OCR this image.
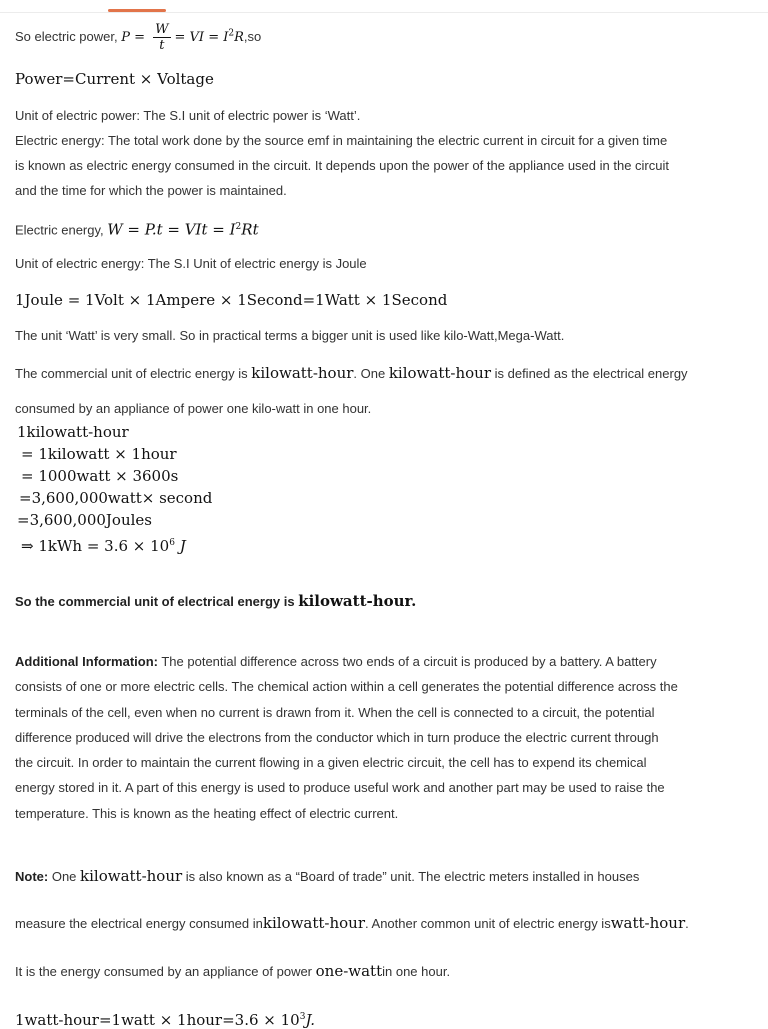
So electric power, $P = \frac{W}{t}$ = VI = $I^2R,so$
Power=Current × Voltage
Unit of electric power: The S.I unit of electric power is ‘Watt’.
Electric energy: The total work done by the source emf in maintaining the electric current in circuit for a given time
is known as electric energy consumed in the circuit. It depends upon the power of the appliance used in the circuit
and the time for which the power is maintained.
Electric energy, W = P.t = VIt = $I^2Rt$
Unit of electric energy: The S.I Unit of electric energy is Joule
1Joule = 1Volt × 1Ampere × 1Second=1Watt × 1Second
The unit ‘Watt’ is very small. So in practical terms a bigger unit is used like kilo-Watt,Mega-Watt.
The commercial unit of electric energy is kilowatt-hour. One kilowatt-hour is defined as the electrical energy
consumed by an appliance of power one kilo-watt in one hour.
1kilowatt-hour
= 1kilowatt × 1hour
= 1000watt × 3600s
=3,600,000watt× second
=3,600,000Joules
⇒ $1kWh = 3.6 \times 10^6$ J
So the commercial unit of electrical energy is kilowatt-hour.
Additional Information: The potential difference across two ends of a circuit is produced by a battery. A battery
consists of one or more electric cells. The chemical action within a cell generates the potential difference across the
terminals of the cell, even when no current is drawn from it. When the cell is connected to a circuit, the potential
difference produced will drive the electrons from the conductor which in turn produce the electric current through
the circuit. In order to maintain the current flowing in a given electric circuit, the cell has to expend its chemical
energy stored in it. A part of this energy is used to produce useful work and another part may be used to raise the
temperature. This is known as the heating effect of electric current.
Note: One kilowatt-hour is also known as a “Board of trade” unit. The electric meters installed in houses
measure the electrical energy consumed inkilowatt-hour. Another common unit of electric energy iswatt-hour.
It is the energy consumed by an appliance of power one-wattin one hour.
1watt-hour=1watt × 1hour=3.6 × $10^3J$.
